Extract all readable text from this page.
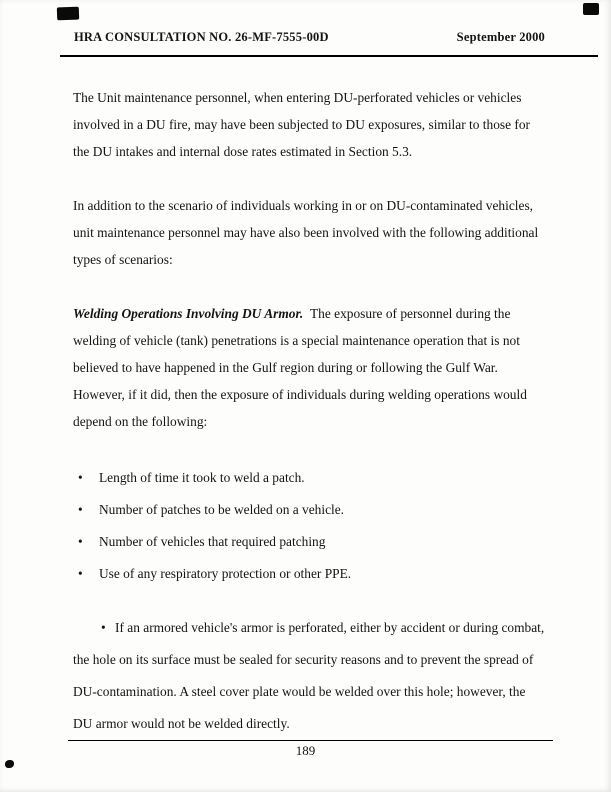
HRA CONSULTATION NO. 26-MF-7555-00D	September 2000

The Unit maintenance personnel, when entering DU-perforated vehicles or vehicles involved in a DU fire, may have been subjected to DU exposures, similar to those for the DU intakes and internal dose rates estimated in Section 5.3.

In addition to the scenario of individuals working in or on DU-contaminated vehicles, unit maintenance personnel may have also been involved with the following additional types of scenarios:

Welding Operations Involving DU Armor. The exposure of personnel during the welding of vehicle (tank) penetrations is a special maintenance operation that is not believed to have happened in the Gulf region during or following the Gulf War. However, if it did, then the exposure of individuals during welding operations would depend on the following:

• Length of time it took to weld a patch.
• Number of patches to be welded on a vehicle.
• Number of vehicles that required patching
• Use of any respiratory protection or other PPE.

• If an armored vehicle's armor is perforated, either by accident or during combat, the hole on its surface must be sealed for security reasons and to prevent the spread of DU-contamination. A steel cover plate would be welded over this hole; however, the DU armor would not be welded directly.

189
